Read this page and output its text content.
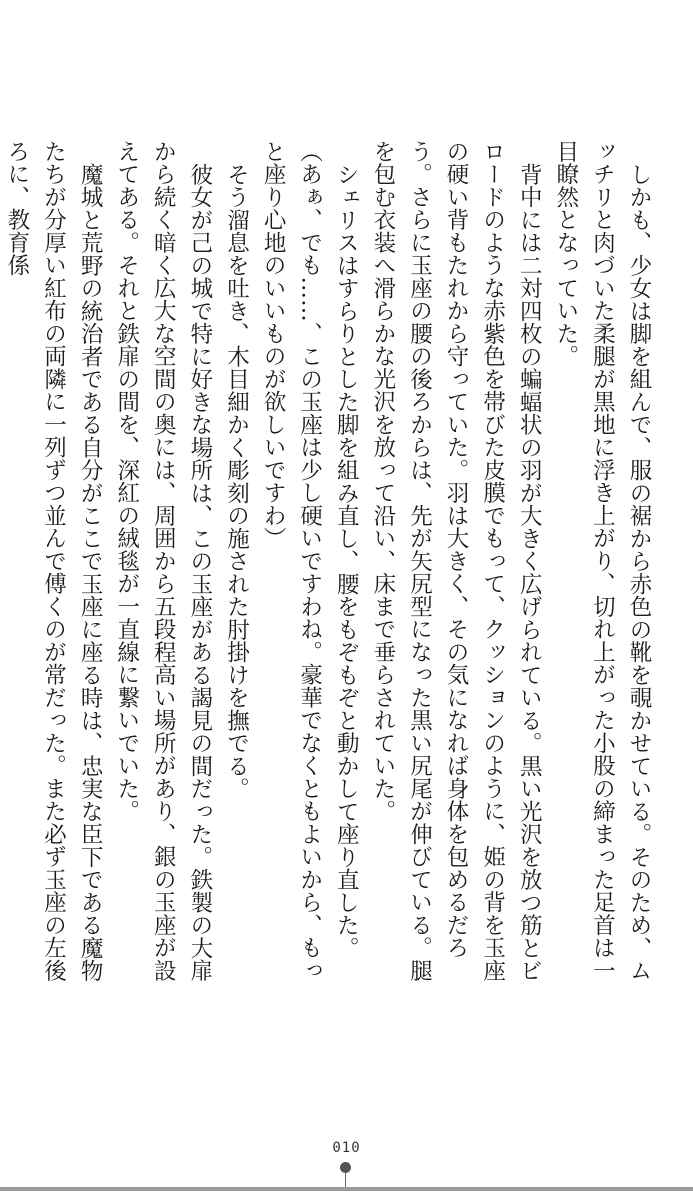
しかも、少女は脚を組んで、服の裾から赤色の靴を覗かせている。そのため、ムッチリと肉づいた柔腿が黒地に浮き上がり、切れ上がった小股の締まった足首は一目瞭然となっていた。

背中には二対四枚の蝙蝠状の羽が大きく広げられている。黒い光沢を放つ筋とビロードのような赤紫色を帯びた皮膜でもって、クッションのように、姫の背を玉座の硬い背もたれから守っていた。羽は大きく、その気になれば身体を包めるだろう。さらに玉座の腰の後ろからは、先が矢尻型になった黒い尻尾が伸びている。腿を包む衣装へ滑らかな光沢を放って沿い、床まで垂らされていた。

シェリスはすらりとした脚を組み直し、腰をもぞもぞと動かして座り直した。

（あぁ、でも……、この玉座は少し硬いですわね。豪華でなくともよいから、もっと座り心地のいいものが欲しいですわ）

そう溜息を吐き、木目細かく彫刻の施された肘掛けを撫でる。

彼女が己の城で特に好きな場所は、この玉座がある謁見の間だった。鉄製の大扉から続く暗く広大な空間の奥には、周囲から五段程高い場所があり、銀の玉座が設えてある。それと鉄扉の間を、深紅の絨毯が一直線に繋いでいた。

魔城と荒野の統治者である自分がここで玉座に座る時は、忠実な臣下である魔物たちが分厚い紅布の両隣に一列ずつ並んで傅くのが常だった。また必ず玉座の左後ろに、教育係

010
